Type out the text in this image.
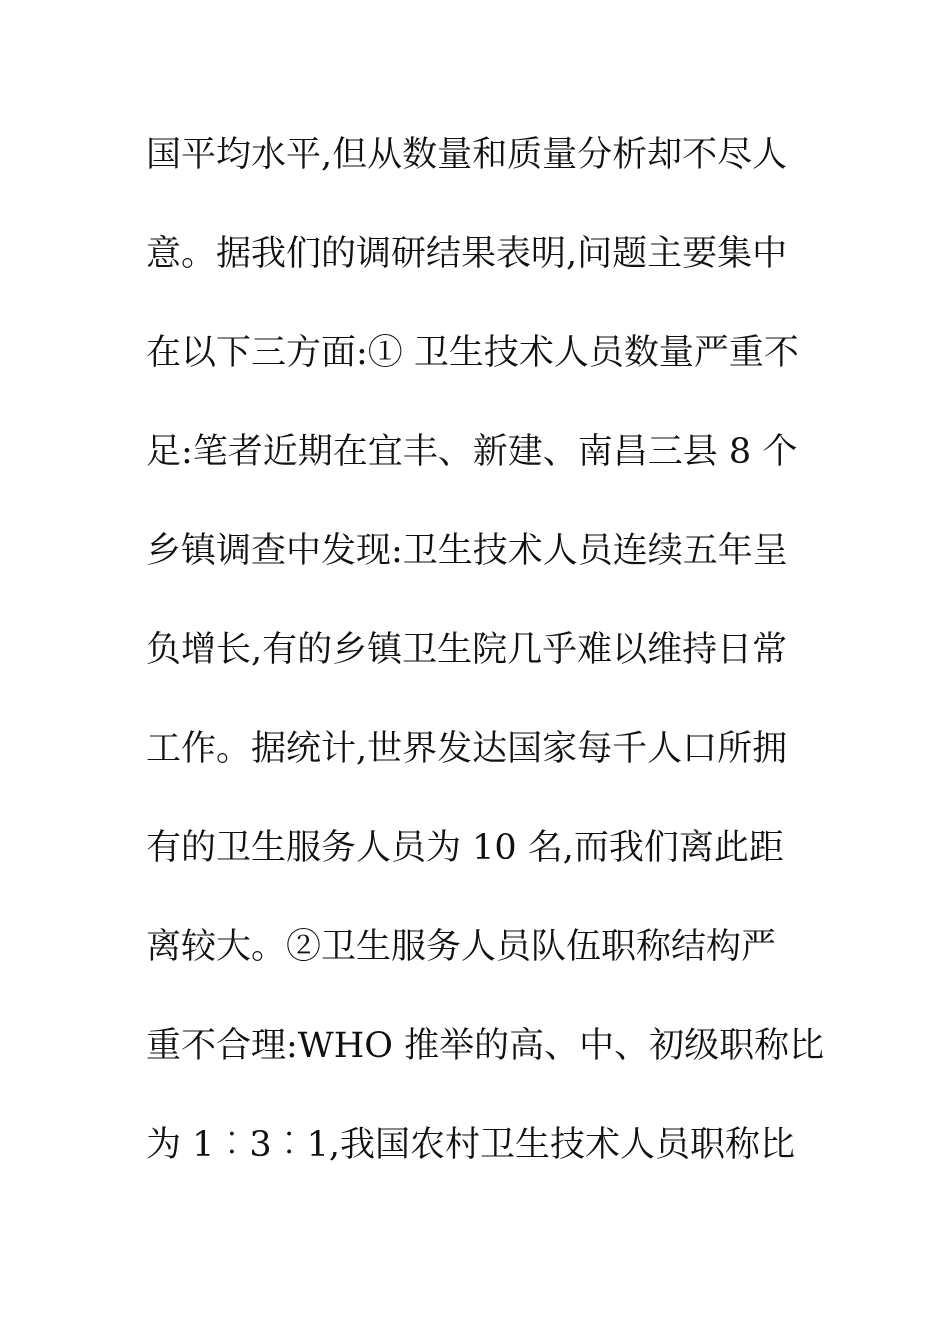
国平均水平,但从数量和质量分析却不尽人
意。据我们的调研结果表明,问题主要集中
在以下三方面:① 卫生技术人员数量严重不
足:笔者近期在宜丰、新建、南昌三县 8 个
乡镇调查中发现:卫生技术人员连续五年呈
负增长,有的乡镇卫生院几乎难以维持日常
工作。据统计,世界发达国家每千人口所拥
有的卫生服务人员为 10 名,而我们离此距
离较大。②卫生服务人员队伍职称结构严
重不合理:WHO 推举的高、中、初级职称比
为 1︰3︰1,我国农村卫生技术人员职称比
